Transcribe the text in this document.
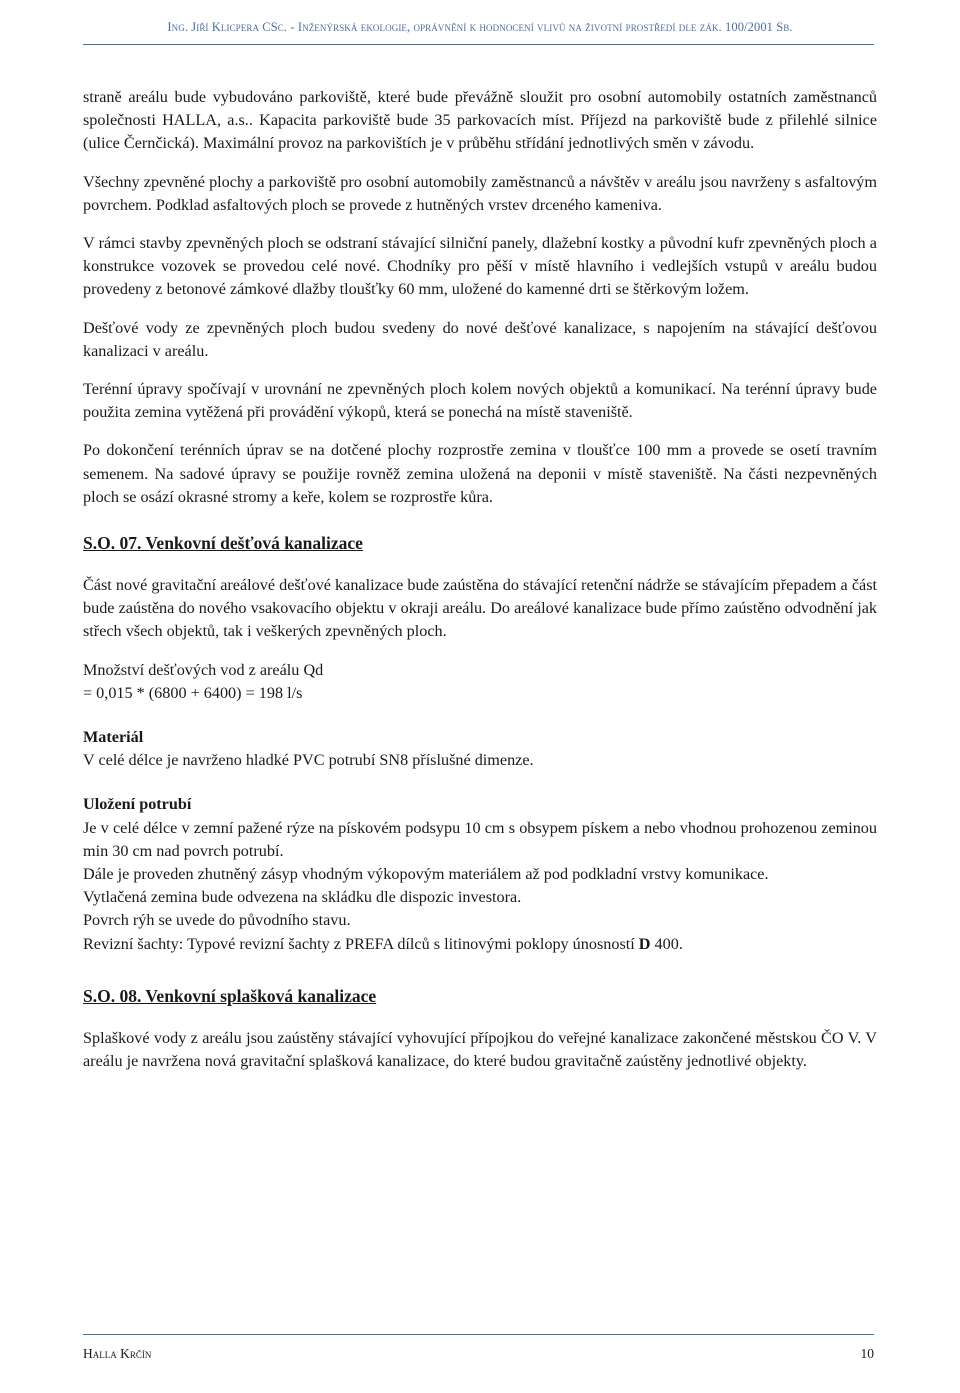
Ing. Jiří Klicpera CSc. - Inženýrská ekologie, oprávnění k hodnocení vlivů na životní prostředí dle zák. 100/2001 Sb.

straně areálu bude vybudováno parkoviště, které bude převážně sloužit pro osobní automobily ostatních zaměstnanců společnosti HALLA, a.s.. Kapacita parkoviště bude 35 parkovacích míst. Příjezd na parkoviště bude z přilehlé silnice (ulice Černčická). Maximální provoz na parkovištích je v průběhu střídání jednotlivých směn v závodu.

Všechny zpevněné plochy a parkoviště pro osobní automobily zaměstnanců a návštěv v areálu jsou navrženy s asfaltovým povrchem. Podklad asfaltových ploch se provede z hutněných vrstev drceného kameniva.

V rámci stavby zpevněných ploch se odstraní stávající silniční panely, dlažební kostky a původní kufr zpevněných ploch a konstrukce vozovek se provedou celé nové. Chodníky pro pěší v místě hlavního i vedlejších vstupů v areálu budou provedeny z betonové zámkové dlažby tloušťky 60 mm, uložené do kamenné drti se štěrkovým ložem.

Dešťové vody ze zpevněných ploch budou svedeny do nové dešťové kanalizace, s napojením na stávající dešťovou kanalizaci v areálu.

Terénní úpravy spočívají v urovnání ne zpevněných ploch kolem nových objektů a komunikací. Na terénní úpravy bude použita zemina vytěžená při provádění výkopů, která se ponechá na místě staveniště.

Po dokončení terénních úprav se na dotčené plochy rozprostře zemina v tloušťce 100 mm a provede se osetí travním semenem. Na sadové úpravy se použije rovněž zemina uložená na deponii v místě staveniště. Na části nezpevněných ploch se osází okrasné stromy a keře, kolem se rozprostře kůra.

S.O. 07. Venkovní dešťová kanalizace

Část nové gravitační areálové dešťové kanalizace bude zaústěna do stávající retenční nádrže se stávajícím přepadem a část bude zaústěna do nového vsakovacího objektu v okraji areálu. Do areálové kanalizace bude přímo zaústěno odvodnění jak střech všech objektů, tak i veškerých zpevněných ploch.

Množství dešťových vod z areálu Qd

= 0,015 * (6800 + 6400) = 198 l/s

Materiál

V celé délce je navrženo hladké PVC potrubí SN8 příslušné dimenze.

Uložení potrubí

Je v celé délce v zemní pažené rýze na pískovém podsypu 10 cm s obsypem pískem a nebo vhodnou prohozenou zeminou min 30 cm nad povrch potrubí.

Dále je proveden zhutněný zásyp vhodným výkopovým materiálem až pod podkladní vrstvy komunikace.

Vytlačená zemina bude odvezena na skládku dle dispozic investora.

Povrch rýh se uvede do původního stavu.

Revizní šachty: Typové revizní šachty z PREFA dílců s litinovými poklopy únosností D 400.

S.O. 08. Venkovní splašková kanalizace

Splaškové vody z areálu jsou zaústěny stávající vyhovující přípojkou do veřejné kanalizace zakončené městskou ČO V. V areálu je navržena nová gravitační splašková kanalizace, do které budou gravitačně zaústěny jednotlivé objekty.

Halla Krčín	10
